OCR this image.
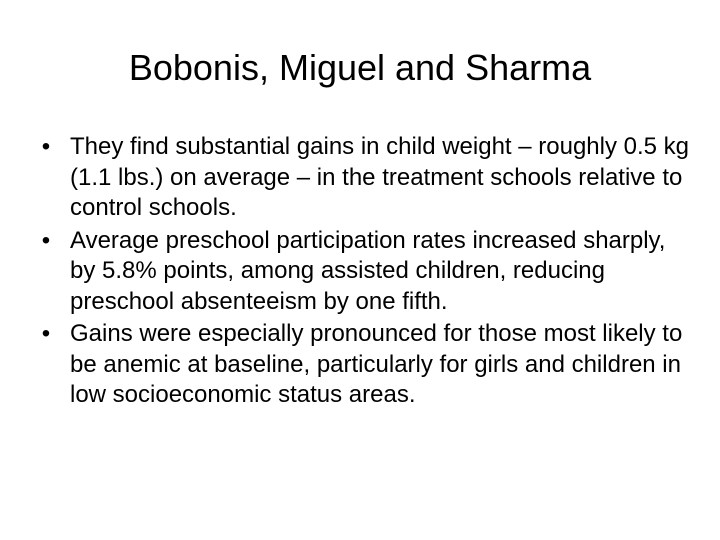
Bobonis, Miguel and Sharma
• They find substantial gains in child weight – roughly 0.5 kg (1.1 lbs.) on average – in the treatment schools relative to control schools.
• Average preschool participation rates increased sharply, by 5.8% points, among assisted children, reducing preschool absenteeism by one fifth.
• Gains were especially pronounced for those most likely to be anemic at baseline, particularly for girls and children in low socioeconomic status areas.
